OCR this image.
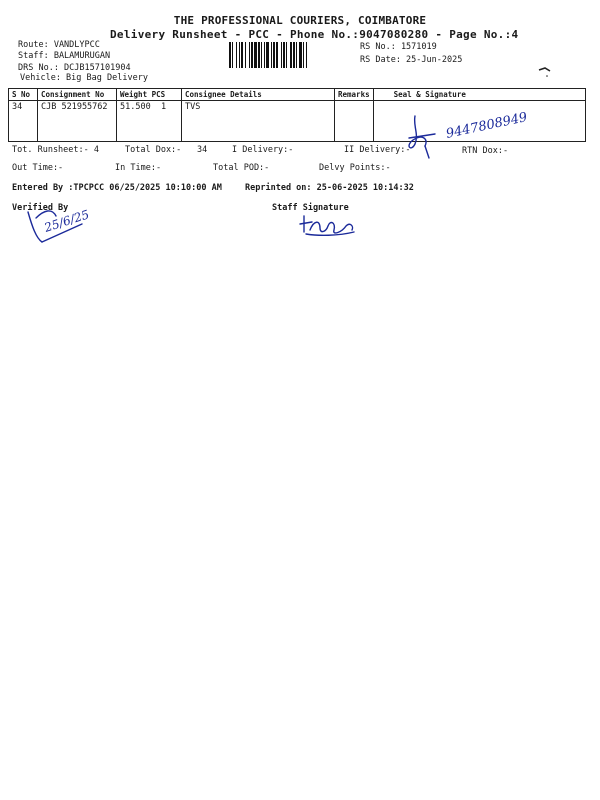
THE PROFESSIONAL COURIERS, COIMBATORE
Delivery Runsheet - PCC - Phone No.:9047080280 - Page No.:4
Route: VANDLYPCC
Staff: BALAMURUGAN
DRS No.: DCJB157101904
Vehicle: Big Bag Delivery
RS No.: 1571019
RS Date: 25-Jun-2025
S No	Consignment No	Weight PCS	Consignee Details	Remarks	Seal & Signature
34	CJB 521955762	51.500 1	TVS		
Tot. Runsheet:- 4	Total Dox:- 34	I Delivery:-	II Delivery:-	RTN Dox:-
Out Time:-	In Time:-	Total POD:-	Delvy Points:-
Entered By :TPCPCC 06/25/2025 10:10:00 AM	Reprinted on: 25-06-2025 10:14:32
Verified By	Staff Signature
9447808949
25/6/25
